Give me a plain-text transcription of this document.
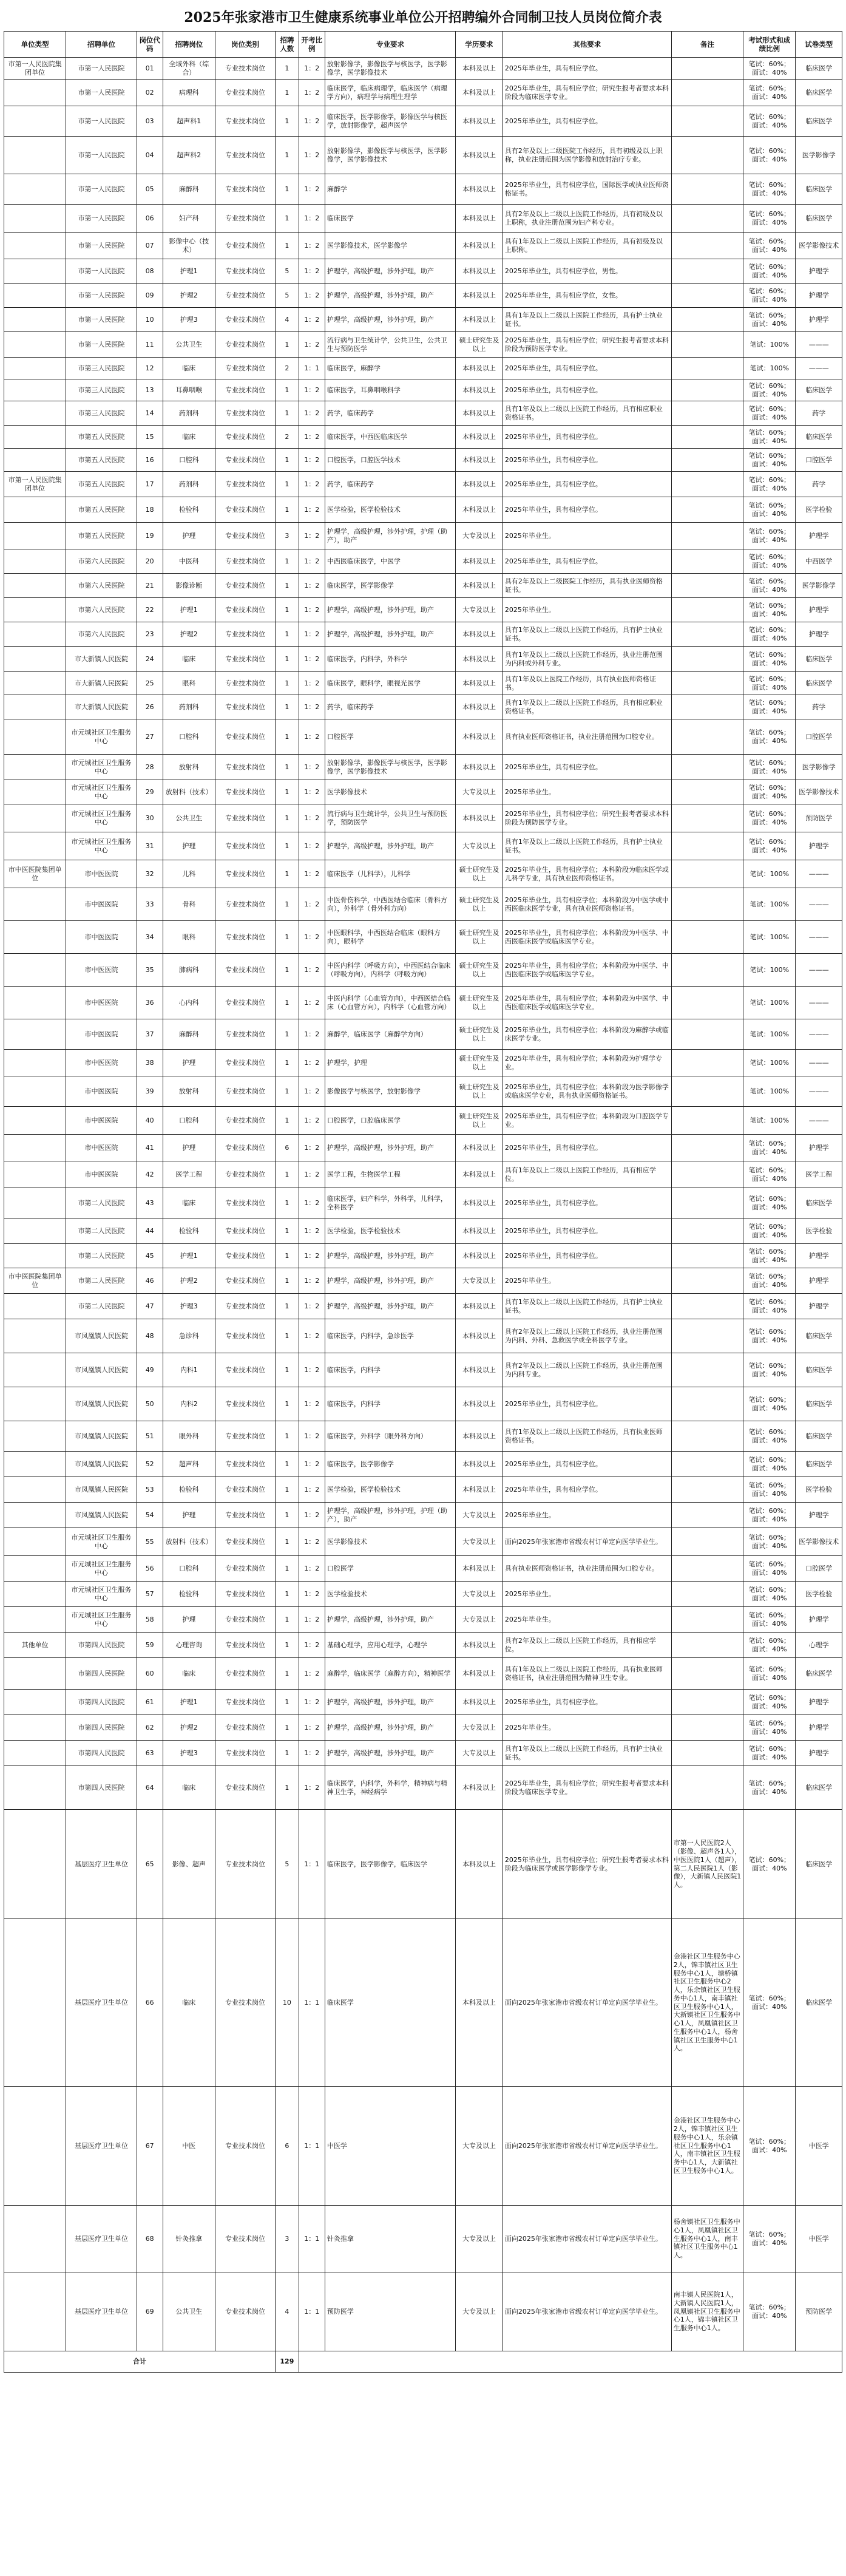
2025年张家港市卫生健康系统事业单位公开招聘编外合同制卫技人员岗位简介表
单位类型	招聘单位	岗位代码	招聘岗位	岗位类别	招聘人数	开考比例	专业要求	学历要求	其他要求	备注	考试形式和成绩比例	试卷类型
市第一人民医院集团单位	市第一人民医院	01	全域外科（综合）	专业技术岗位	1	1：2	放射影像学，影像医学与核医学，医学影像学，医学影像技术	本科及以上	2025年毕业生，具有相应学位。		笔试：60%；面试：40%	临床医学
	市第一人民医院	02	病理科	专业技术岗位	1	1：2	临床医学，临床病理学，临床医学（病理学方向），病理学与病理生理学	本科及以上	2025年毕业生，具有相应学位；研究生报考者要求本科阶段为临床医学专业。		笔试：60%；面试：40%	临床医学
	市第一人民医院	03	超声科1	专业技术岗位	1	1：2	临床医学，医学影像学，影像医学与核医学，放射影像学，超声医学	本科及以上	2025年毕业生，具有相应学位。		笔试：60%；面试：40%	临床医学
	市第一人民医院	04	超声科2	专业技术岗位	1	1：2	放射影像学，影像医学与核医学，医学影像学，医学影像技术	本科及以上	具有2年及以上二级医院工作经历，具有初级及以上职称，执业注册范围为医学影像和放射治疗专业。		笔试：60%；面试：40%	医学影像学
	市第一人民医院	05	麻醉科	专业技术岗位	1	1：2	麻醉学	本科及以上	2025年毕业生，具有相应学位，国际医学或执业医师资格证书。		笔试：60%；面试：40%	临床医学
	市第一人民医院	06	妇产科	专业技术岗位	1	1：2	临床医学	本科及以上	具有2年及以上二级以上医院工作经历，具有初级及以上职称，执业注册范围为妇产科专业。		笔试：60%；面试：40%	临床医学
	市第一人民医院	07	影像中心（技术）	专业技术岗位	1	1：2	医学影像技术，医学影像学	本科及以上	具有1年及以上二级以上医院工作经历，具有初级及以上职称。		笔试：60%；面试：40%	医学影像技术
	市第一人民医院	08	护理1	专业技术岗位	5	1：2	护理学，高级护理，涉外护理，助产	本科及以上	2025年毕业生，具有相应学位，男性。		笔试：60%；面试：40%	护理学
	市第一人民医院	09	护理2	专业技术岗位	5	1：2	护理学，高级护理，涉外护理，助产	本科及以上	2025年毕业生，具有相应学位，女性。		笔试：60%；面试：40%	护理学
	市第一人民医院	10	护理3	专业技术岗位	4	1：2	护理学，高级护理，涉外护理，助产	本科及以上	具有1年及以上二级以上医院工作经历，具有护士执业证书。		笔试：60%；面试：40%	护理学
	市第一人民医院	11	公共卫生	专业技术岗位	1	1：2	流行病与卫生统计学，公共卫生，公共卫生与预防医学	硕士研究生及以上	2025年毕业生，具有相应学位；研究生报考者要求本科阶段为预防医学专业。		笔试：100%	———
	市第三人民医院	12	临床	专业技术岗位	2	1：1	临床医学，麻醉学	本科及以上	2025年毕业生，具有相应学位。		笔试：100%	———
	市第三人民医院	13	耳鼻咽喉	专业技术岗位	1	1：2	临床医学，耳鼻咽喉科学	本科及以上	2025年毕业生，具有相应学位。		笔试：60%；面试：40%	临床医学
	市第三人民医院	14	药剂科	专业技术岗位	1	1：2	药学，临床药学	本科及以上	具有1年及以上二级以上医院工作经历，具有相应职业资格证书。		笔试：60%；面试：40%	药学
	市第五人民医院	15	临床	专业技术岗位	2	1：2	临床医学，中西医临床医学	本科及以上	2025年毕业生，具有相应学位。		笔试：60%；面试：40%	临床医学
	市第五人民医院	16	口腔科	专业技术岗位	1	1：2	口腔医学，口腔医学技术	本科及以上	2025年毕业生，具有相应学位。		笔试：60%；面试：40%	口腔医学
市第一人民医院集团单位	市第五人民医院	17	药剂科	专业技术岗位	1	1：2	药学，临床药学	本科及以上	2025年毕业生，具有相应学位。		笔试：60%；面试：40%	药学
	市第五人民医院	18	检验科	专业技术岗位	1	1：2	医学检验，医学检验技术	本科及以上	2025年毕业生，具有相应学位。		笔试：60%；面试：40%	医学检验
	市第五人民医院	19	护理	专业技术岗位	3	1：2	护理学，高级护理，涉外护理，护理（助产），助产	大专及以上	2025年毕业生。		笔试：60%；面试：40%	护理学
	市第六人民医院	20	中医科	专业技术岗位	1	1：2	中西医临床医学，中医学	本科及以上	2025年毕业生，具有相应学位。		笔试：60%；面试：40%	中西医学
	市第六人民医院	21	影像诊断	专业技术岗位	1	1：2	临床医学，医学影像学	本科及以上	具有2年及以上二级医院工作经历，具有执业医师资格证书。		笔试：60%；面试：40%	医学影像学
	市第六人民医院	22	护理1	专业技术岗位	1	1：2	护理学，高级护理，涉外护理，助产	大专及以上	2025年毕业生。		笔试：60%；面试：40%	护理学
	市第六人民医院	23	护理2	专业技术岗位	1	1：2	护理学，高级护理，涉外护理，助产	本科及以上	具有1年及以上二级以上医院工作经历，具有护士执业证书。		笔试：60%；面试：40%	护理学
	市大新镇人民医院	24	临床	专业技术岗位	1	1：2	临床医学，内科学，外科学	本科及以上	具有1年及以上二级以上医院工作经历，执业注册范围为内科或外科专业。		笔试：60%；面试：40%	临床医学
	市大新镇人民医院	25	眼科	专业技术岗位	1	1：2	临床医学，眼科学，眼视光医学	本科及以上	具有1年及以上医院工作经历，具有执业医师资格证书。		笔试：60%；面试：40%	临床医学
	市大新镇人民医院	26	药剂科	专业技术岗位	1	1：2	药学，临床药学	本科及以上	具有1年及以上二级以上医院工作经历，具有相应职业资格证书。		笔试：60%；面试：40%	药学
	市元城社区卫生服务中心	27	口腔科	专业技术岗位	1	1：2	口腔医学	本科及以上	具有执业医师资格证书，执业注册范围为口腔专业。		笔试：60%；面试：40%	口腔医学
	市元城社区卫生服务中心	28	放射科	专业技术岗位	1	1：2	放射影像学，影像医学与核医学，医学影像学，医学影像技术	本科及以上	2025年毕业生，具有相应学位。		笔试：60%；面试：40%	医学影像学
	市元城社区卫生服务中心	29	放射科（技术）	专业技术岗位	1	1：2	医学影像技术	大专及以上	2025年毕业生。		笔试：60%；面试：40%	医学影像技术
	市元城社区卫生服务中心	30	公共卫生	专业技术岗位	1	1：2	流行病与卫生统计学，公共卫生与预防医学，预防医学	本科及以上	2025年毕业生，具有相应学位；研究生报考者要求本科阶段为预防医学专业。		笔试：60%；面试：40%	预防医学
	市元城社区卫生服务中心	31	护理	专业技术岗位	1	1：2	护理学，高级护理，涉外护理，助产	大专及以上	具有1年及以上二级以上医院工作经历，具有护士执业证书。		笔试：60%；面试：40%	护理学
市中医医院集团单位	市中医医院	32	儿科	专业技术岗位	1	1：2	临床医学（儿科学），儿科学	硕士研究生及以上	2025年毕业生，具有相应学位；本科阶段为临床医学或儿科学专业，具有执业医师资格证书。		笔试：100%	———
	市中医医院	33	骨科	专业技术岗位	1	1：2	中医骨伤科学，中西医结合临床（骨科方向），外科学（骨外科方向）	硕士研究生及以上	2025年毕业生，具有相应学位；本科阶段为中医学或中西医临床医学专业，具有执业医师资格证书。		笔试：100%	———
	市中医医院	34	眼科	专业技术岗位	1	1：2	中医眼科学，中西医结合临床（眼科方向），眼科学	硕士研究生及以上	2025年毕业生，具有相应学位；本科阶段为中医学、中西医临床医学或临床医学专业。		笔试：100%	———
	市中医医院	35	肺病科	专业技术岗位	1	1：2	中医内科学（呼吸方向），中西医结合临床（呼吸方向），内科学（呼吸方向）	硕士研究生及以上	2025年毕业生，具有相应学位；本科阶段为中医学、中西医临床医学或临床医学专业。		笔试：100%	———
	市中医医院	36	心内科	专业技术岗位	1	1：2	中医内科学（心血管方向），中西医结合临床（心血管方向），内科学（心血管方向）	硕士研究生及以上	2025年毕业生，具有相应学位；本科阶段为中医学、中西医临床医学或临床医学专业。		笔试：100%	———
	市中医医院	37	麻醉科	专业技术岗位	1	1：2	麻醉学，临床医学（麻醉学方向）	硕士研究生及以上	2025年毕业生，具有相应学位；本科阶段为麻醉学或临床医学专业。		笔试：100%	———
	市中医医院	38	护理	专业技术岗位	1	1：2	护理学，护理	硕士研究生及以上	2025年毕业生，具有相应学位；本科阶段为护理学专业。		笔试：100%	———
	市中医医院	39	放射科	专业技术岗位	1	1：2	影像医学与核医学，放射影像学	硕士研究生及以上	2025年毕业生，具有相应学位；本科阶段为医学影像学或临床医学专业，具有执业医师资格证书。		笔试：100%	———
	市中医医院	40	口腔科	专业技术岗位	1	1：2	口腔医学，口腔临床医学	硕士研究生及以上	2025年毕业生，具有相应学位；本科阶段为口腔医学专业。		笔试：100%	———
	市中医医院	41	护理	专业技术岗位	6	1：2	护理学，高级护理，涉外护理，助产	本科及以上	2025年毕业生，具有相应学位。		笔试：60%；面试：40%	护理学
	市中医医院	42	医学工程	专业技术岗位	1	1：2	医学工程，生物医学工程	本科及以上	具有1年及以上二级以上医院工作经历，具有相应学位。		笔试：60%；面试：40%	医学工程
	市第二人民医院	43	临床	专业技术岗位	1	1：2	临床医学，妇产科学，外科学，儿科学，全科医学	本科及以上	2025年毕业生，具有相应学位。		笔试：60%；面试：40%	临床医学
	市第二人民医院	44	检验科	专业技术岗位	1	1：2	医学检验，医学检验技术	本科及以上	2025年毕业生，具有相应学位。		笔试：60%；面试：40%	医学检验
	市第二人民医院	45	护理1	专业技术岗位	1	1：2	护理学，高级护理，涉外护理，助产	本科及以上	2025年毕业生，具有相应学位。		笔试：60%；面试：40%	护理学
市中医医院集团单位	市第二人民医院	46	护理2	专业技术岗位	1	1：2	护理学，高级护理，涉外护理，助产	大专及以上	2025年毕业生。		笔试：60%；面试：40%	护理学
	市第二人民医院	47	护理3	专业技术岗位	1	1：2	护理学，高级护理，涉外护理，助产	本科及以上	具有1年及以上二级以上医院工作经历，具有护士执业证书。		笔试：60%；面试：40%	护理学
	市凤凰镇人民医院	48	急诊科	专业技术岗位	1	1：2	临床医学，内科学，急诊医学	本科及以上	具有2年及以上二级以上医院工作经历，执业注册范围为内科、外科、急救医学或全科医学专业。		笔试：60%；面试：40%	临床医学
	市凤凰镇人民医院	49	内科1	专业技术岗位	1	1：2	临床医学，内科学	本科及以上	具有2年及以上二级以上医院工作经历，执业注册范围为内科专业。		笔试：60%；面试：40%	临床医学
	市凤凰镇人民医院	50	内科2	专业技术岗位	1	1：2	临床医学，内科学	本科及以上	2025年毕业生，具有相应学位。		笔试：60%；面试：40%	临床医学
	市凤凰镇人民医院	51	眼外科	专业技术岗位	1	1：2	临床医学，外科学（眼外科方向）	本科及以上	具有1年及以上二级以上医院工作经历，具有执业医师资格证书。		笔试：60%；面试：40%	临床医学
	市凤凰镇人民医院	52	超声科	专业技术岗位	1	1：2	临床医学，医学影像学	本科及以上	2025年毕业生，具有相应学位。		笔试：60%；面试：40%	临床医学
	市凤凰镇人民医院	53	检验科	专业技术岗位	1	1：2	医学检验，医学检验技术	本科及以上	2025年毕业生，具有相应学位。		笔试：60%；面试：40%	医学检验
	市凤凰镇人民医院	54	护理	专业技术岗位	1	1：2	护理学，高级护理，涉外护理，护理（助产），助产	大专及以上	2025年毕业生。		笔试：60%；面试：40%	护理学
	市元城社区卫生服务中心	55	放射科（技术）	专业技术岗位	1	1：2	医学影像技术	大专及以上	面向2025年张家港市省级农村订单定向医学毕业生。		笔试：60%；面试：40%	医学影像技术
	市元城社区卫生服务中心	56	口腔科	专业技术岗位	1	1：2	口腔医学	本科及以上	具有执业医师资格证书，执业注册范围为口腔专业。		笔试：60%；面试：40%	口腔医学
	市元城社区卫生服务中心	57	检验科	专业技术岗位	1	1：2	医学检验技术	大专及以上	2025年毕业生。		笔试：60%；面试：40%	医学检验
	市元城社区卫生服务中心	58	护理	专业技术岗位	1	1：2	护理学，高级护理，涉外护理，助产	大专及以上	2025年毕业生。		笔试：60%；面试：40%	护理学
其他单位	市第四人民医院	59	心理咨询	专业技术岗位	1	1：2	基础心理学，应用心理学，心理学	本科及以上	具有2年及以上二级以上医院工作经历，具有相应学位。		笔试：60%；面试：40%	心理学
	市第四人民医院	60	临床	专业技术岗位	1	1：2	麻醉学，临床医学（麻醉方向），精神医学	本科及以上	具有1年及以上二级以上医院工作经历，具有执业医师资格证书，执业注册范围为精神卫生专业。		笔试：60%；面试：40%	临床医学
	市第四人民医院	61	护理1	专业技术岗位	1	1：2	护理学，高级护理，涉外护理，助产	本科及以上	2025年毕业生，具有相应学位。		笔试：60%；面试：40%	护理学
	市第四人民医院	62	护理2	专业技术岗位	1	1：2	护理学，高级护理，涉外护理，助产	大专及以上	2025年毕业生。		笔试：60%；面试：40%	护理学
	市第四人民医院	63	护理3	专业技术岗位	1	1：2	护理学，高级护理，涉外护理，助产	大专及以上	具有1年及以上二级以上医院工作经历，具有护士执业证书。		笔试：60%；面试：40%	护理学
	市第四人民医院	64	临床	专业技术岗位	1	1：2	临床医学，内科学，外科学，精神病与精神卫生学，神经病学	本科及以上	2025年毕业生，具有相应学位；研究生报考者要求本科阶段为临床医学专业。		笔试：60%；面试：40%	临床医学
	基层医疗卫生单位	65	影像、超声	专业技术岗位	5	1：1	临床医学，医学影像学，临床医学	本科及以上	2025年毕业生，具有相应学位；研究生报考者要求本科阶段为临床医学或医学影像学专业。	市第一人民医院2人（影像、超声各1人），中医医院1人（超声），第二人民医院1人（影像），大新镇人民医院1人。	笔试：60%；面试：40%	临床医学
	基层医疗卫生单位	66	临床	专业技术岗位	10	1：1	临床医学	本科及以上	面向2025年张家港市省级农村订单定向医学毕业生。	金港社区卫生服务中心2人，锦丰镇社区卫生服务中心1人，塘桥镇社区卫生服务中心2人，乐余镇社区卫生服务中心1人，南丰镇社区卫生服务中心1人，大新镇社区卫生服务中心1人，凤凰镇社区卫生服务中心1人，杨舍镇社区卫生服务中心1人。	笔试：60%；面试：40%	临床医学
	基层医疗卫生单位	67	中医	专业技术岗位	6	1：1	中医学	大专及以上	面向2025年张家港市省级农村订单定向医学毕业生。	金港社区卫生服务中心2人，锦丰镇社区卫生服务中心1人，乐余镇社区卫生服务中心1人，南丰镇社区卫生服务中心1人，大新镇社区卫生服务中心1人。	笔试：60%；面试：40%	中医学
	基层医疗卫生单位	68	针灸推拿	专业技术岗位	3	1：1	针灸推拿	大专及以上	面向2025年张家港市省级农村订单定向医学毕业生。	杨舍镇社区卫生服务中心1人，凤凰镇社区卫生服务中心1人，南丰镇社区卫生服务中心1人。	笔试：60%；面试：40%	中医学
	基层医疗卫生单位	69	公共卫生	专业技术岗位	4	1：1	预防医学	大专及以上	面向2025年张家港市省级农村订单定向医学毕业生。	南丰镇人民医院1人，大新镇人民医院1人，凤凰镇社区卫生服务中心1人，锦丰镇社区卫生服务中心1人。	笔试：60%；面试：40%	预防医学
合计					129							
